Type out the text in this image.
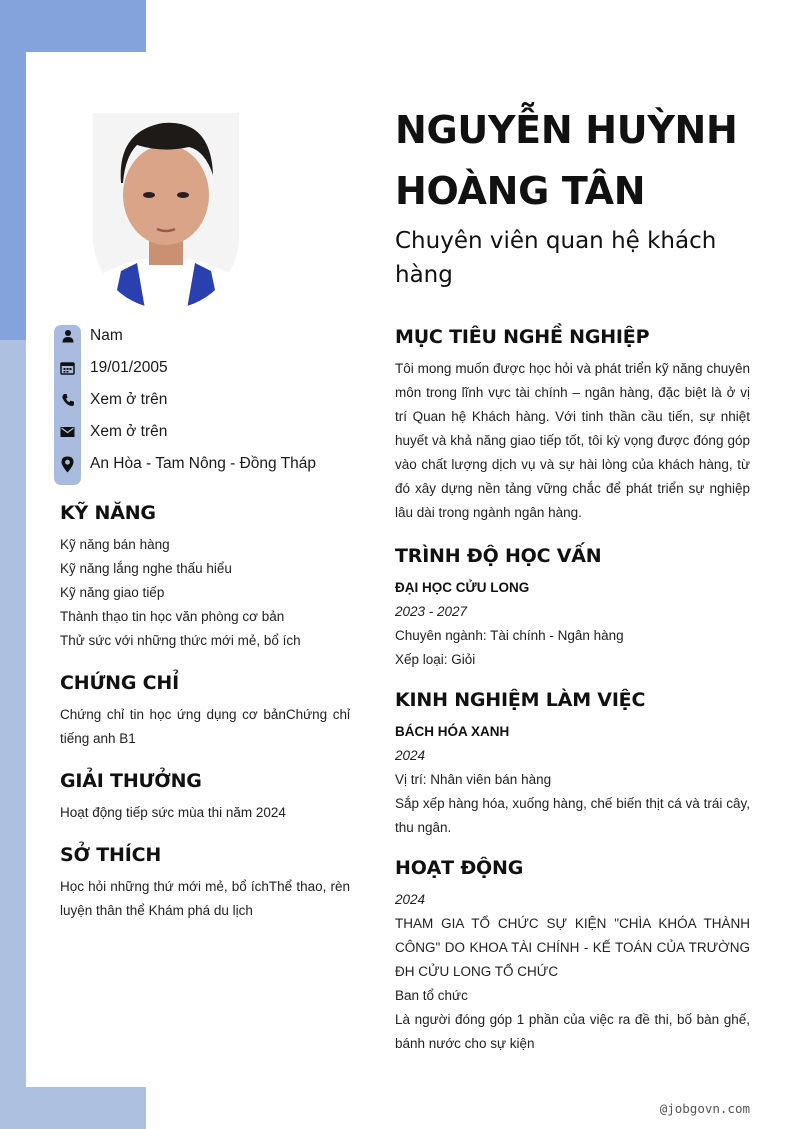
Nam
19/01/2005
Xem ở trên
Xem ở trên
An Hòa - Tam Nông - Đồng Tháp
KỸ NĂNG
Kỹ năng bán hàng
Kỹ năng lắng nghe thấu hiểu
Kỹ năng giao tiếp
Thành thạo tin học văn phòng cơ bản
Thử sức với những thức mới mẻ, bổ ích
CHỨNG CHỈ
Chứng chỉ tin học ứng dụng cơ bảnChứng chỉ tiếng anh B1
GIẢI THƯỞNG
Hoạt động tiếp sức mùa thi năm 2024
SỞ THÍCH
Học hỏi những thứ mới mẻ, bổ íchThể thao, rèn luyện thân thể Khám phá du lịch
NGUYỄN HUỲNH
HOÀNG TÂN
Chuyên viên quan hệ khách hàng
MỤC TIÊU NGHỀ NGHIỆP
Tôi mong muốn được học hỏi và phát triển kỹ năng chuyên môn trong lĩnh vực tài chính – ngân hàng, đặc biệt là ở vị trí Quan hệ Khách hàng. Với tinh thần cầu tiến, sự nhiệt huyết và khả năng giao tiếp tốt, tôi kỳ vọng được đóng góp vào chất lượng dịch vụ và sự hài lòng của khách hàng, từ đó xây dựng nền tảng vững chắc để phát triển sự nghiệp lâu dài trong ngành ngân hàng.
TRÌNH ĐỘ HỌC VẤN
ĐẠI HỌC CỬU LONG
2023 - 2027
Chuyên ngành: Tài chính - Ngân hàng
Xếp loại: Giỏi
KINH NGHIỆM LÀM VIỆC
BÁCH HÓA XANH
2024
Vị trí: Nhân viên bán hàng
Sắp xếp hàng hóa, xuống hàng, chế biến thịt cá và trái cây, thu ngân.
HOẠT ĐỘNG
2024
THAM GIA TỔ CHỨC SỰ KIỆN "CHÌA KHÓA THÀNH CÔNG" DO KHOA TÀI CHÍNH - KẾ TOÁN CỦA TRƯỜNG ĐH CỬU LONG TỔ CHỨC
Ban tổ chức
Là người đóng góp 1 phần của việc ra đề thi, bố bàn ghế, bánh nước cho sự kiện
@jobgovn.com
